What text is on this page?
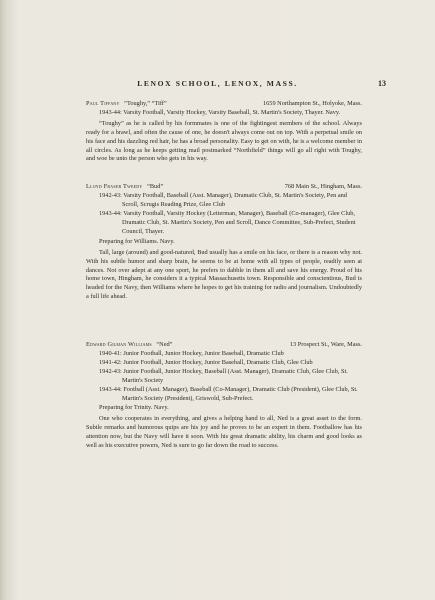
LENOX SCHOOL, LENOX, MASS.	13
Paul Tiffany “Toughy,” “Tiff”	1659 Northampton St., Holyoke, Mass.
1943-44: Varsity Football, Varsity Hockey, Varsity Baseball, St. Martin's Society, Thayer. Navy.
“Toughy” as he is called by his formmates is one of the fightingest members of the school. Always ready for a brawl, and often the cause of one, he doesn't always come out on top. With a perpetual smile on his face and his dazzling red hair, he has a broad personality. Easy to get on with, he is a welcome member in all circles. As long as he keeps getting mail postmarked “Northfield” things will go all right with Toughy, and woe be unto the person who gets in his way.
Lloyd Fraser Tweedy “Bud”	768 Main St., Hingham, Mass.
1942-43: Varsity Football, Baseball (Asst. Manager), Dramatic Club, St. Martin's Society, Pen and Scroll, Scrugis Reading Prize, Glee Club
1943-44: Varsity Football, Varsity Hockey (Letterman, Manager), Baseball (Co-manager), Glee Club, Dramatic Club, St. Martin's Society, Pen and Scroll, Dance Committee, Sub-Prefect, Student Council, Thayer.
Preparing for Williams. Navy.
Tall, large (around) and good-natured, Bud usually has a smile on his face, or there is a reason why not. With his subtle humor and sharp brain, he seems to be at home with all types of people, readily seen at dances. Not over adept at any one sport, he prefers to dabble in them all and save his energy. Proud of his home town, Hingham, he considers it a typical Massachusetts town. Responsible and conscientious, Bud is headed for the Navy, then Williams where he hopes to get his training for radio and journalism. Undoubtedly a full life ahead.
Edward Gilman Williams “Ned”	13 Prospect St., Ware, Mass.
1940-41: Junior Football, Junior Hockey, Junior Baseball, Dramatic Club
1941-42: Junior Football, Junior Hockey, Junior Baseball, Dramatic Club, Glee Club
1942-43: Junior Football, Junior Hockey, Baseball (Asst. Manager), Dramatic Club, Glee Club, St. Martin's Society
1943-44: Football (Asst. Manager), Baseball (Co-Manager), Dramatic Club (President), Glee Club, St. Martin's Society (President), Griswold, Sub-Prefect.
Preparing for Trinity. Navy.
One who cooperates in everything, and gives a helping hand to all, Ned is a great asset to the form. Subtle remarks and humorous quips are his joy and he proves to be an expert in them. Footballow has his attention now, but the Navy will have it soon. With his great dramatic ability, his charm and good looks as well as his executive powers, Ned is sure to go far down the road to success.
